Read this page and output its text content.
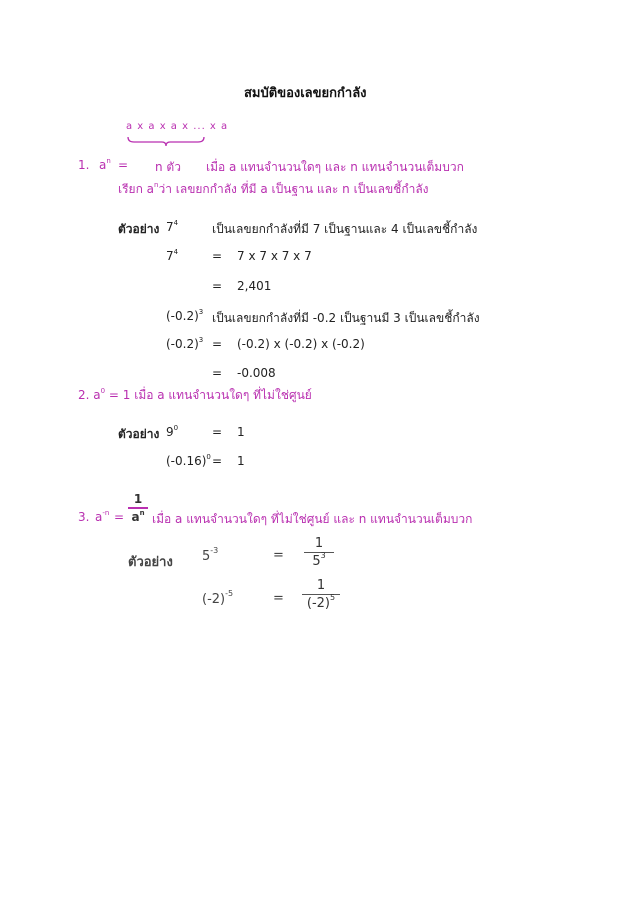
สมบัติของเลขยกกำลัง
a x a x a x ... x a
1. $a^n = n$ ตัว เมื่อ a แทนจำนวนใดๆ และ n แทนจำนวนเต็มบวก
เรียก $a^n$ว่า เลขยกกำลัง ที่มี a เป็นฐาน และ n เป็นเลขชี้กำลัง
ตัวอย่าง $7^4$	เป็นเลขยกกำลังที่มี 7 เป็นฐานและ 4 เป็นเลขชี้กำลัง
$7^4$	= 7 x 7 x 7 x 7
= 2,401
$(-0.2)^3$ เป็นเลขยกกำลังที่มี -0.2 เป็นฐานมี 3 เป็นเลขชี้กำลัง
$(-0.2)^3 = (-0.2)$ x (-0.2) x (-0.2)
= -0.008
2. $a^0 = 1$ เมื่อ a แทนจำนวนใดๆ ที่ไม่ใช่ศูนย์
ตัวอย่าง $9^0$	= 1
$(-0.16)^0 = 1$
3. $a^{-n}$ =
1
$a^n$ เมื่อ a แทนจำนวนใดๆ ที่ไม่ใช่ศูนย์ และ n แทนจำนวนเต็มบวก
ตัวอย่าง $5^{-3}$	=
1
$5^3$
$(-2)^{-5}$	=
1
$(-2)^5$
